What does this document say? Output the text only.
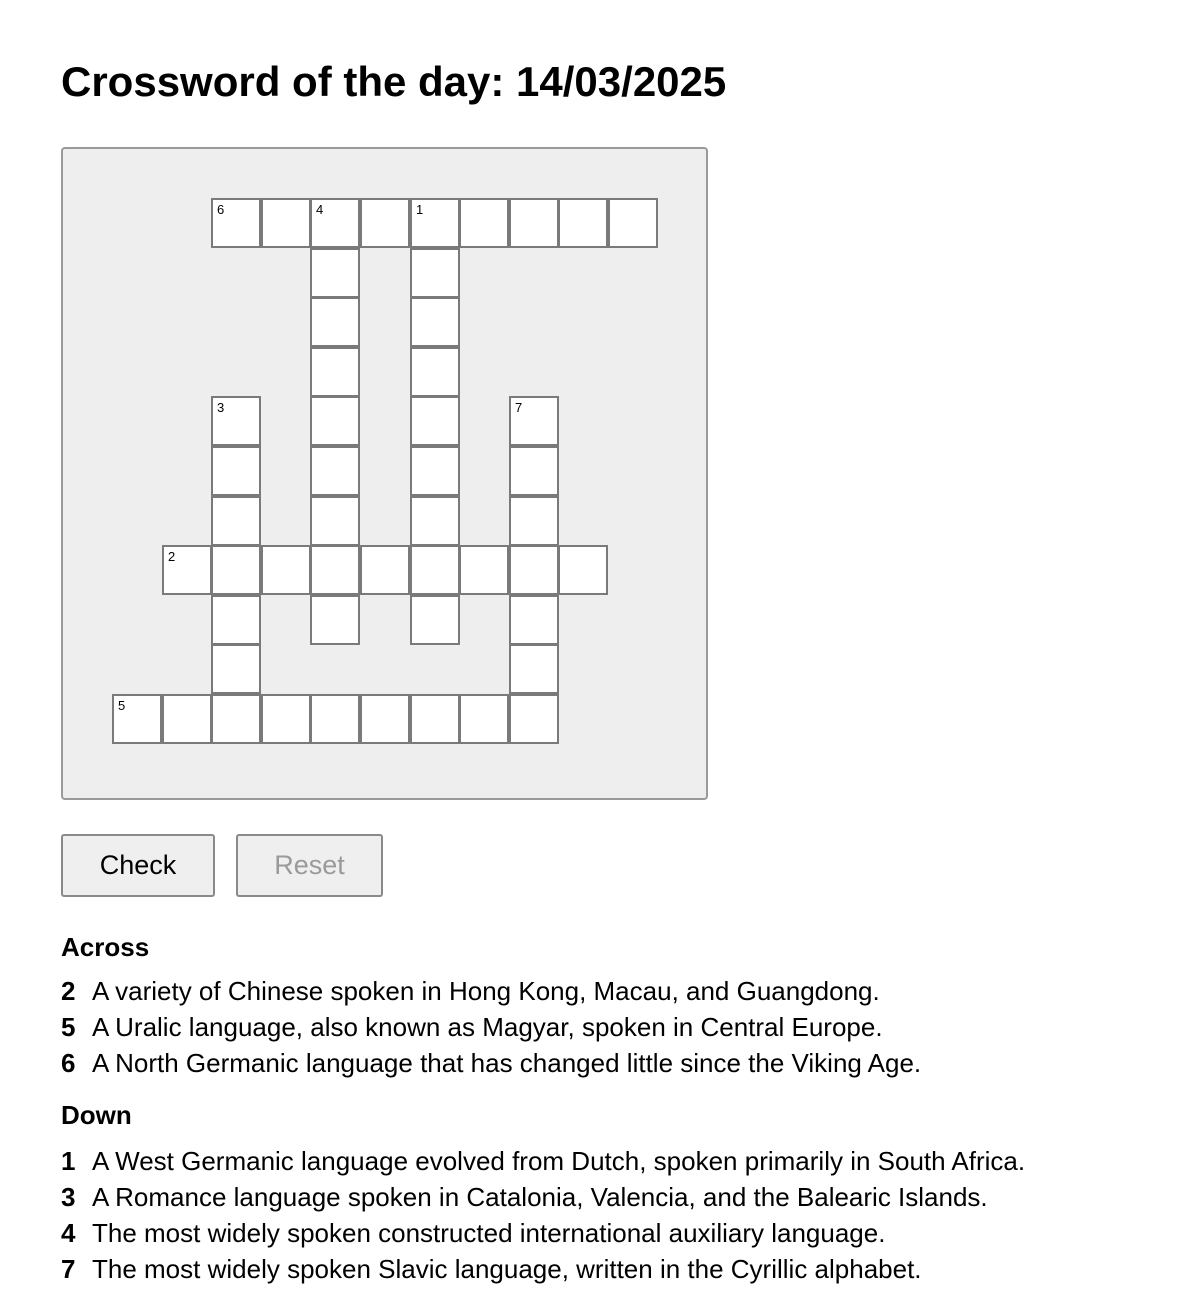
Crossword of the day: 14/03/2025
6	4	1
3	7
2
5
Check	Reset
Across
2 A variety of Chinese spoken in Hong Kong, Macau, and Guangdong.
5 A Uralic language, also known as Magyar, spoken in Central Europe.
6 A North Germanic language that has changed little since the Viking Age.
Down
1 A West Germanic language evolved from Dutch, spoken primarily in South Africa.
3 A Romance language spoken in Catalonia, Valencia, and the Balearic Islands.
4 The most widely spoken constructed international auxiliary language.
7 The most widely spoken Slavic language, written in the Cyrillic alphabet.
